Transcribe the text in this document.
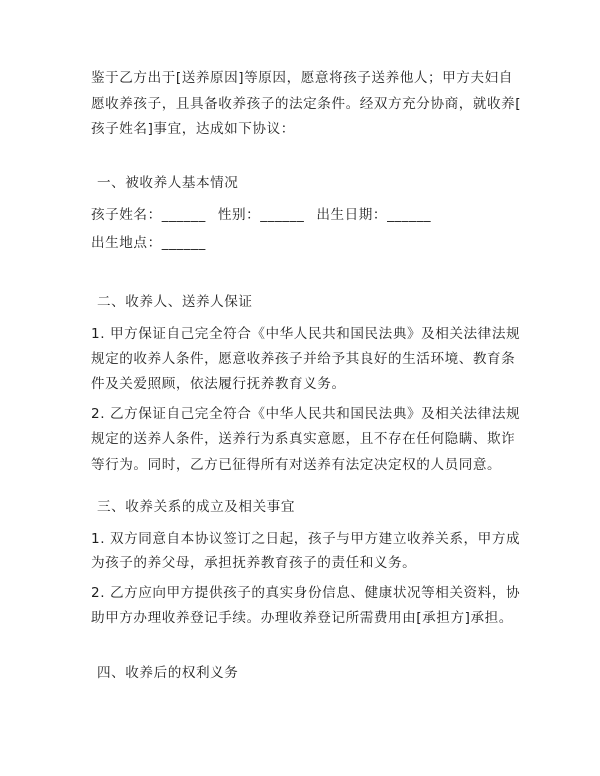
鉴于乙方出于[送养原因]等原因，愿意将孩子送养他人；甲方夫妇自
愿收养孩子，且具备收养孩子的法定条件。经双方充分协商，就收养[
孩子姓名]事宜，达成如下协议：
一、被收养人基本情况
孩子姓名：______ 性别：______ 出生日期：______
出生地点：______
二、收养人、送养人保证
1. 甲方保证自己完全符合《中华人民共和国民法典》及相关法律法规
规定的收养人条件，愿意收养孩子并给予其良好的生活环境、教育条
件及关爱照顾，依法履行抚养教育义务。
2. 乙方保证自己完全符合《中华人民共和国民法典》及相关法律法规
规定的送养人条件，送养行为系真实意愿，且不存在任何隐瞒、欺诈
等行为。同时，乙方已征得所有对送养有法定决定权的人员同意。
三、收养关系的成立及相关事宜
1. 双方同意自本协议签订之日起，孩子与甲方建立收养关系，甲方成
为孩子的养父母，承担抚养教育孩子的责任和义务。
2. 乙方应向甲方提供孩子的真实身份信息、健康状况等相关资料，协
助甲方办理收养登记手续。办理收养登记所需费用由[承担方]承担。
四、收养后的权利义务
